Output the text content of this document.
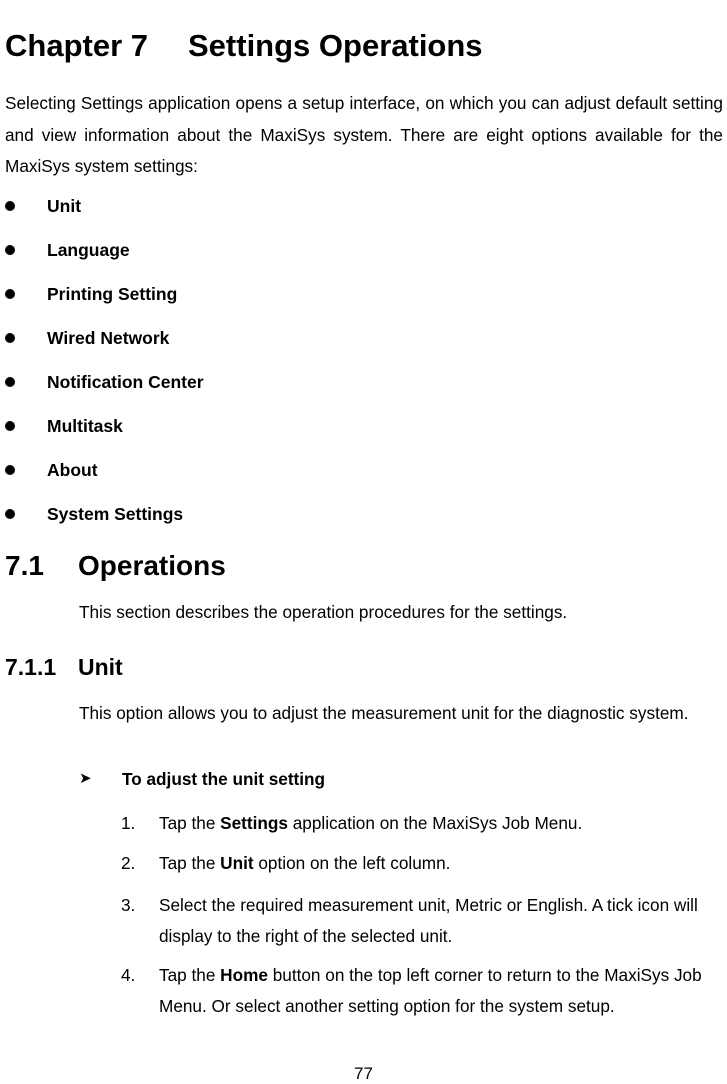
Chapter 7 Settings Operations

Selecting Settings application opens a setup interface, on which you can adjust default setting and view information about the MaxiSys system. There are eight options available for the MaxiSys system settings:

Unit
Language
Printing Setting
Wired Network
Notification Center
Multitask
About
System Settings
7.1 Operations

This section describes the operation procedures for the settings.

7.1.1 Unit

This option allows you to adjust the measurement unit for the diagnostic system.

➤ To adjust the unit setting
1. Tap the Settings application on the MaxiSys Job Menu.
2. Tap the Unit option on the left column.
3. Select the required measurement unit, Metric or English. A tick icon will display to the right of the selected unit.
4. Tap the Home button on the top left corner to return to the MaxiSys Job Menu. Or select another setting option for the system setup.
77
